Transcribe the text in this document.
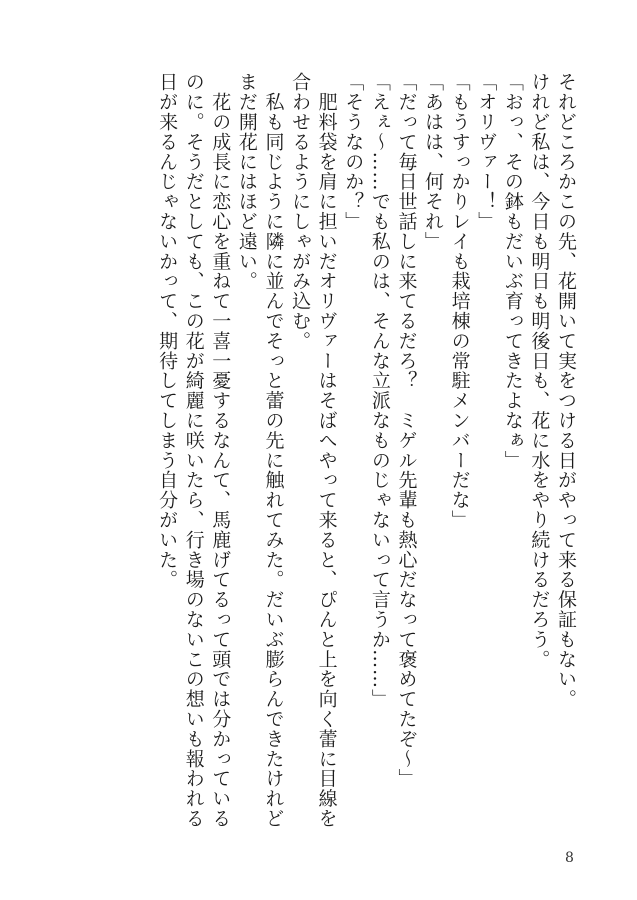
それどころかこの先、花開いて実をつける日がやって来る保証もない。
けれど私は、今日も明日も明後日も、花に水をやり続けるだろう。
「おっ、その鉢もだいぶ育ってきたよなぁ」
「オリヴァー！」
「もうすっかりレイも栽培棟の常駐メンバーだな」
「あはは、何それ」
「だって毎日世話しに来てるだろ？　ミゲル先輩も熱心だなって褒めてたぞ～」
「えぇ～……でも私のは、そんな立派なものじゃないって言うか……」
「そうなのか？」
　肥料袋を肩に担いだオリヴァーはそばへやって来ると、ぴんと上を向く蕾に目線を
合わせるようにしゃがみ込む。
　私も同じように隣に並んでそっと蕾の先に触れてみた。だいぶ膨らんできたけれど
まだ開花にはほど遠い。
　花の成長に恋心を重ねて一喜一憂するなんて、馬鹿げてるって頭では分かっている
のに。そうだとしても、この花が綺麗に咲いたら、行き場のないこの想いも報われる
日が来るんじゃないかって、期待してしまう自分がいた。
8
